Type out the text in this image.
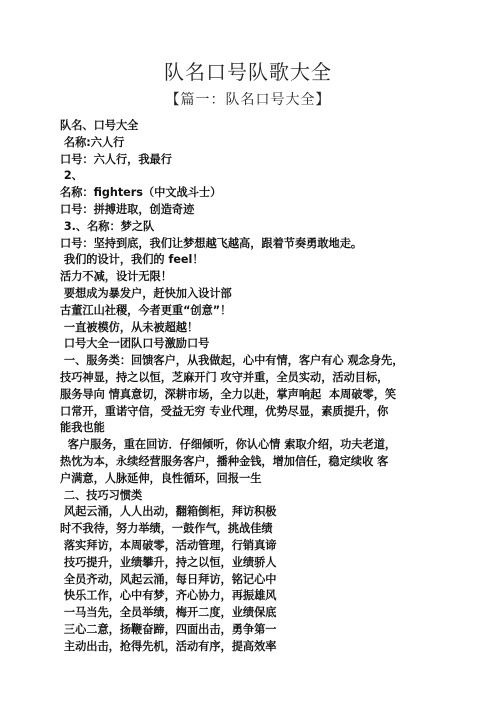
队名口号队歌大全
【篇一：队名口号大全】
队名、口号大全
名称:六人行
口号：六人行，我最行
2、
名称：fighters（中文战斗士）
口号：拼搏进取，创造奇迹
3.、名称：梦之队
口号：坚持到底，我们让梦想越飞越高，跟着节奏勇敢地走。
我们的设计，我们的 feel！
活力不减，设计无限！
要想成为暴发户，赶快加入设计部
古董江山社稷，今者更重“创意”！
一直被模仿，从未被超越！
口号大全一团队口号激励口号
一、服务类：回馈客户，从我做起，心中有情，客户有心 观念身先，
技巧神显，持之以恒，芝麻开门 攻守并重，全员实动，活动目标，
服务导向 情真意切，深耕市场，全力以赴，掌声响起  本周破零，笑
口常开，重诺守信，受益无穷 专业代理，优势尽显，素质提升，你
能我也能
客户服务，重在回访．仔细倾听，你认心情 索取介绍，功夫老道，
热忱为本，永续经营服务客户，播种金钱，增加信任，稳定续收 客
户满意，人脉延伸，良性循环，回报一生
二、技巧习惯类
风起云涌，人人出动，翻箱倒柜，拜访积极
时不我待，努力举绩，一鼓作气，挑战佳绩
落实拜访，本周破零，活动管理，行销真谛
技巧提升，业绩攀升，持之以恒，业绩骄人
全员齐动，风起云涌，每日拜访，铭记心中
快乐工作，心中有梦，齐心协力，再振雄风
一马当先，全员举绩，梅开二度，业绩保底
三心二意，扬鞭奋蹄，四面出击，勇争第一
主动出击，抢得先机，活动有序，提高效率
